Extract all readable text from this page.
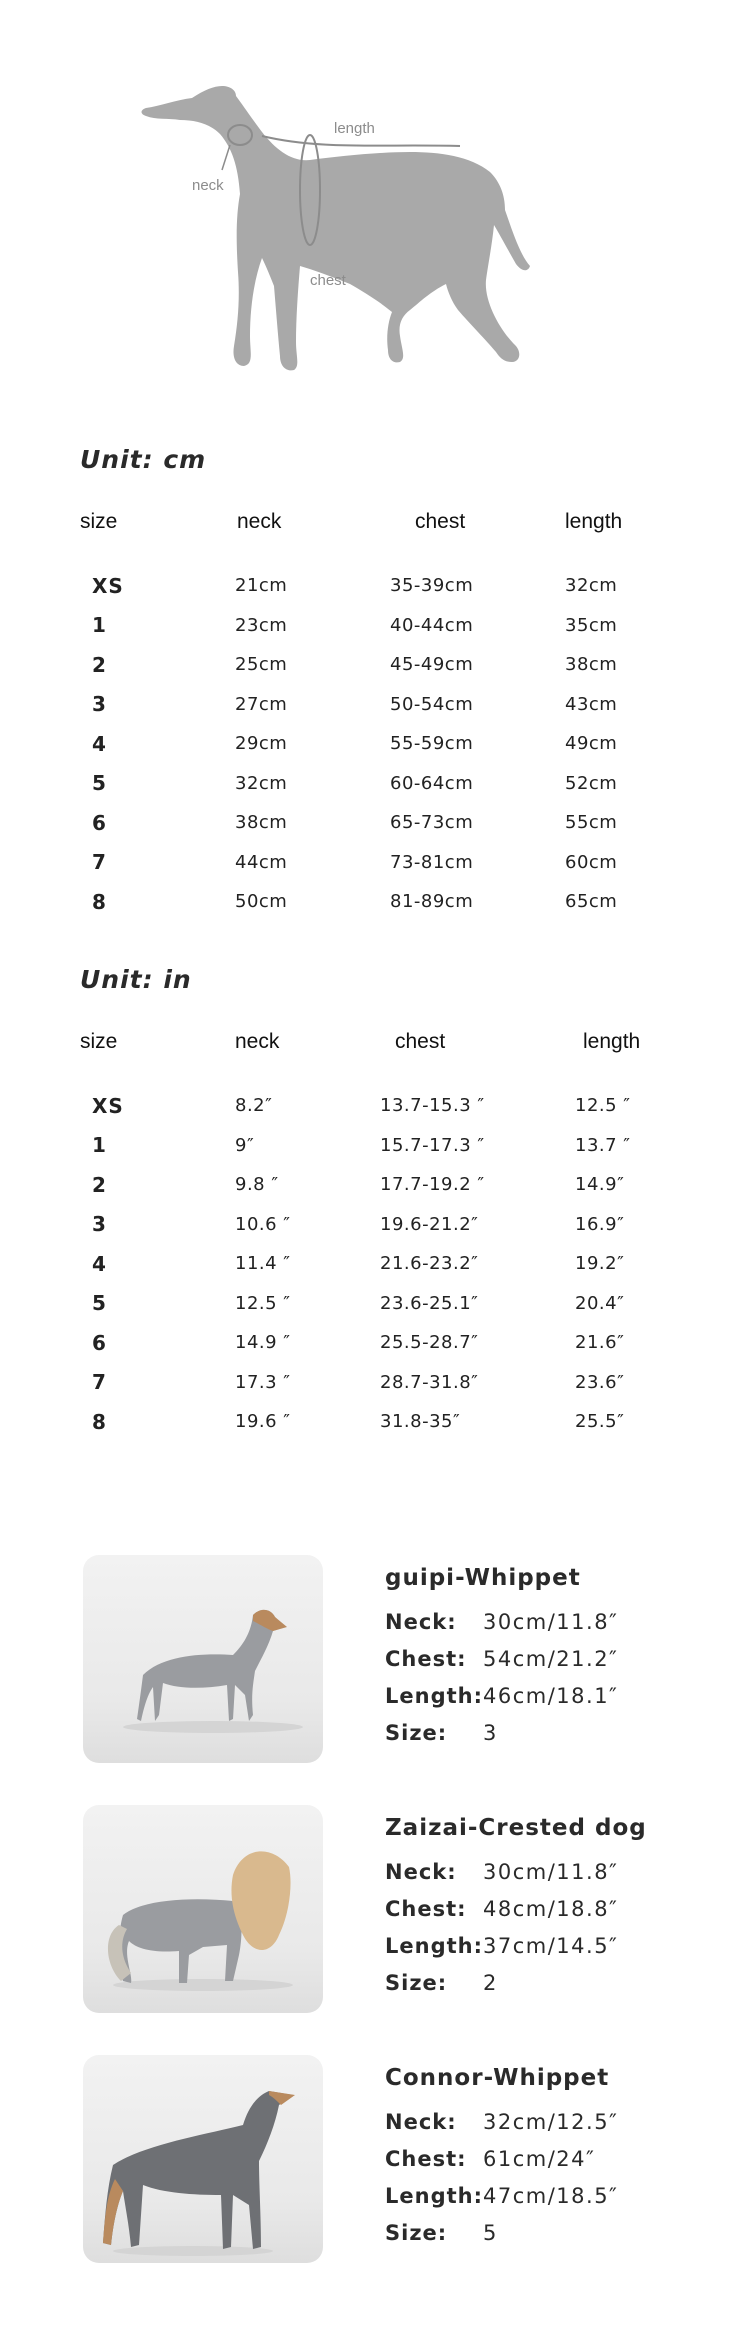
length
neck
chest
Unit: cm
size	neck	chest	length
XS	21cm	35-39cm	32cm
1	23cm	40-44cm	35cm
2	25cm	45-49cm	38cm
3	27cm	50-54cm	43cm
4	29cm	55-59cm	49cm
5	32cm	60-64cm	52cm
6	38cm	65-73cm	55cm
7	44cm	73-81cm	60cm
8	50cm	81-89cm	65cm
Unit: in
size	neck	chest	length
XS	8.2″	13.7-15.3 ″	12.5 ″
1	9″	15.7-17.3 ″	13.7 ″
2	9.8 ″	17.7-19.2 ″	14.9″
3	10.6 ″	19.6-21.2″	16.9″
4	11.4 ″	21.6-23.2″	19.2″
5	12.5 ″	23.6-25.1″	20.4″
6	14.9 ″	25.5-28.7″	21.6″
7	17.3 ″	28.7-31.8″	23.6″
8	19.6 ″	31.8-35″	25.5″
guipi-Whippet
Neck:	30cm/11.8″
Chest: 54cm/21.2″
Length: 46cm/18.1″
Size:	3
Zaizai-Crested dog
Neck:	30cm/11.8″
Chest: 48cm/18.8″
Length: 37cm/14.5″
Size:	2
Connor-Whippet
Neck:	32cm/12.5″
Chest: 61cm/24″
Length: 47cm/18.5″
Size:	5
